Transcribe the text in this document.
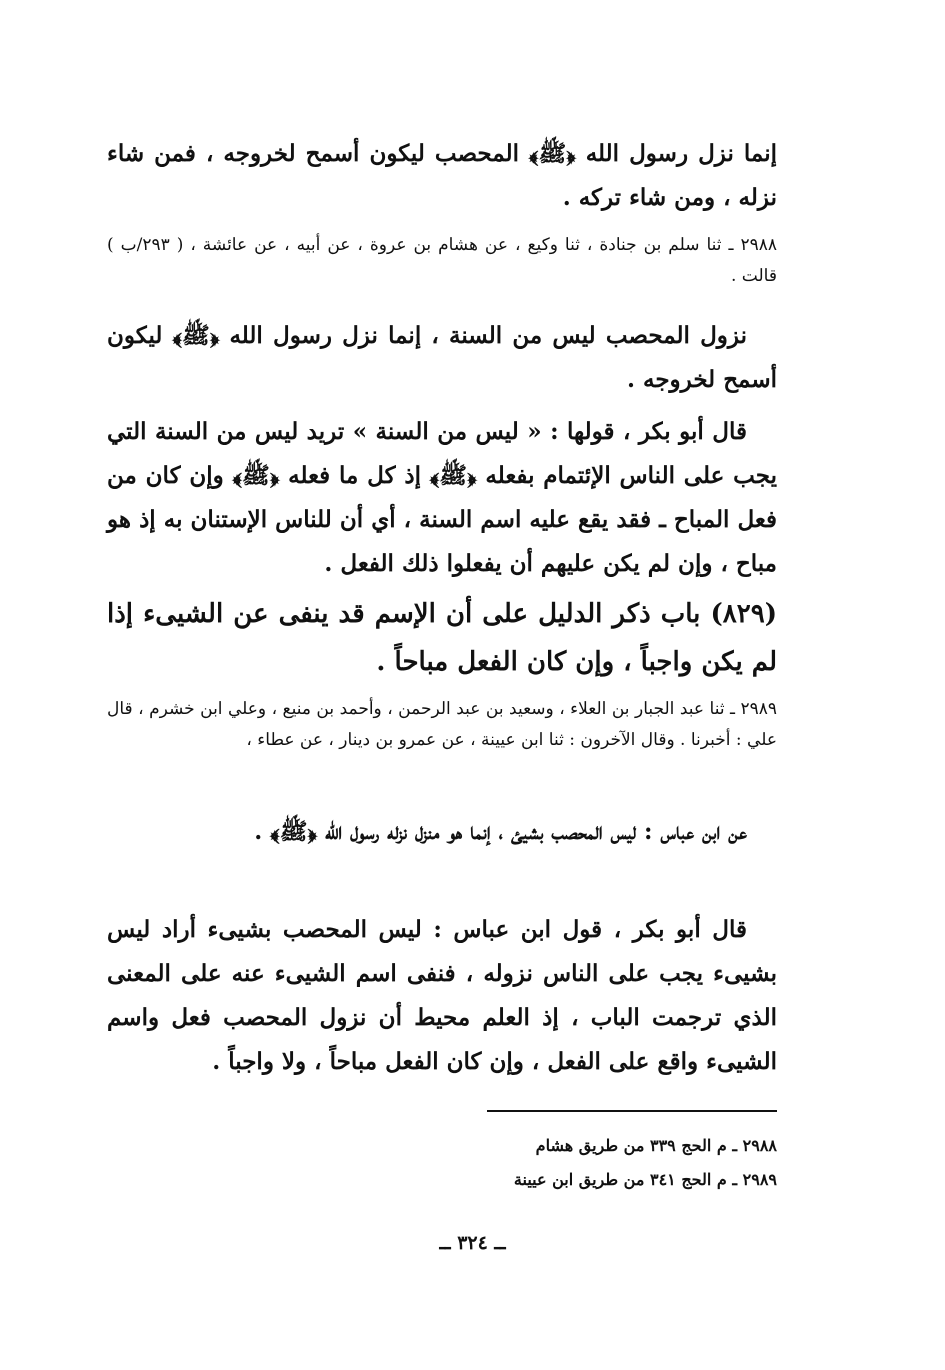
إنما نزل رسول الله ﴿ﷺ﴾ المحصب ليكون أسمح لخروجه ، فمن شاء نزله ، ومن شاء تركه .

٢٩٨٨ ـ ثنا سلم بن جنادة ، ثنا وكيع ، عن هشام بن عروة ، عن أبيه ، عن عائشة ، ( ٢٩٣/ب ) قالت .

نزول المحصب ليس من السنة ، إنما نزل رسول الله ﴿ﷺ﴾ ليكون أسمح لخروجه .

قال أبو بكر ، قولها : « ليس من السنة » تريد ليس من السنة التي يجب على الناس الإئتمام بفعله ﴿ﷺ﴾ إذ كل ما فعله ﴿ﷺ﴾ وإن كان من فعل المباح ـ فقد يقع عليه اسم السنة ، أي أن للناس الإستنان به إذ هو مباح ، وإن لم يكن عليهم أن يفعلوا ذلك الفعل .

(٨٢٩) باب ذكر الدليل على أن الإسم قد ينفى عن الشيىء إذا لم يكن واجباً ، وإن كان الفعل مباحاً .

٢٩٨٩ ـ ثنا عبد الجبار بن العلاء ، وسعيد بن عبد الرحمن ، وأحمد بن منيع ، وعلي ابن خشرم ، قال علي : أخبرنا . وقال الآخرون : ثنا ابن عيينة ، عن عمرو بن دينار ، عن عطاء ،

عن ابن عباس : ليس المحصب بشيئ ، إنما هو منزل نزله رسول الله ﴿ﷺ﴾ .

قال أبو بكر ، قول ابن عباس : ليس المحصب بشيىء أراد ليس بشيىء يجب على الناس نزوله ، فنفى اسم الشيىء عنه على المعنى الذي ترجمت الباب ، إذ العلم محيط أن نزول المحصب فعل واسم الشيىء واقع على الفعل ، وإن كان الفعل مباحاً ، ولا واجباً .

٢٩٨٨ ـ م الحج ٣٣٩ من طريق هشام
٢٩٨٩ ـ م الحج ٣٤١ من طريق ابن عيينة
ــ ٣٢٤ ــ
